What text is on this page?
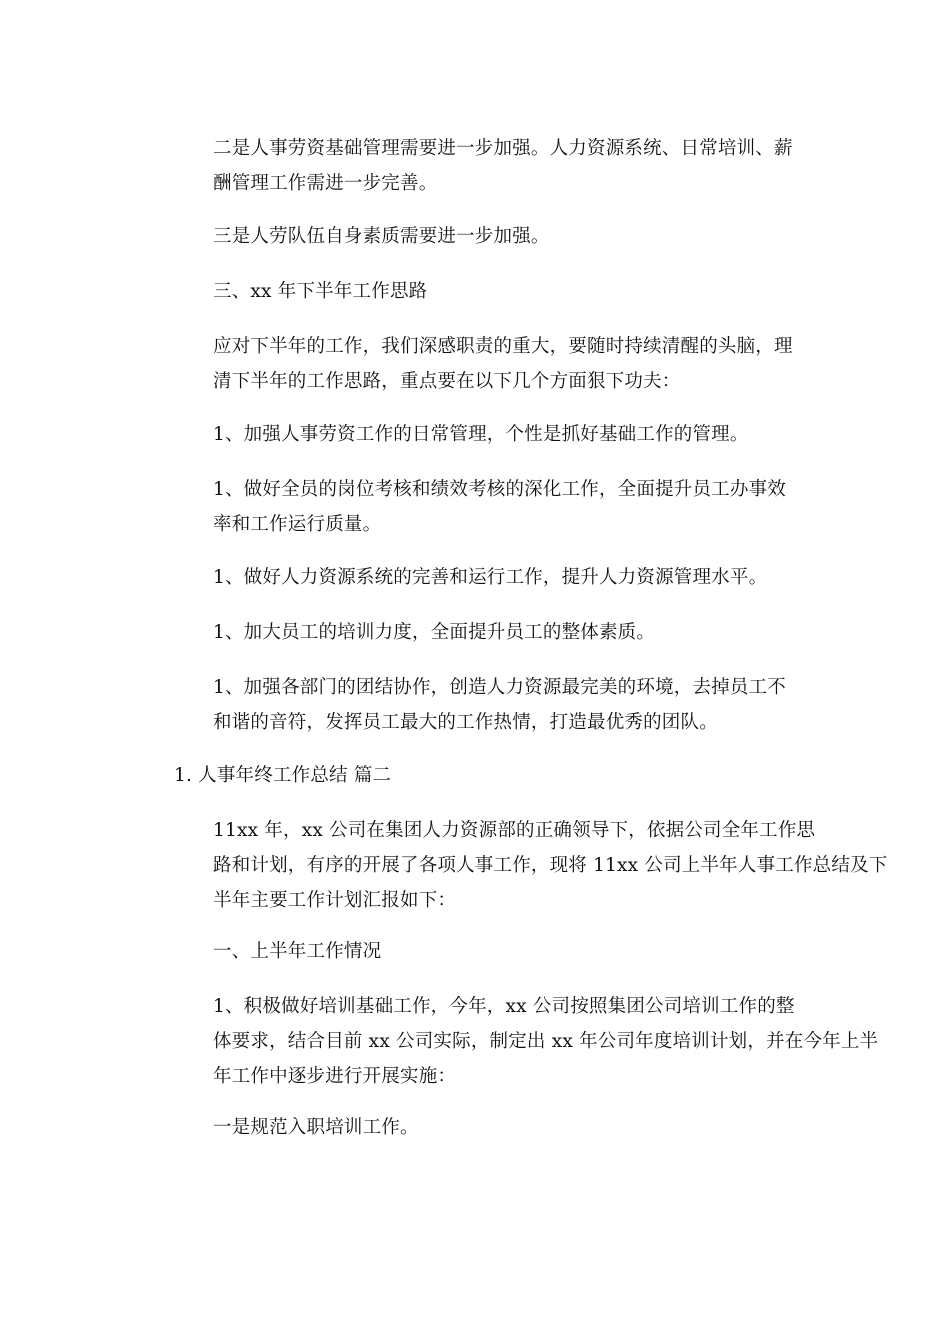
二是人事劳资基础管理需要进一步加强。人力资源系统、日常培训、薪
酬管理工作需进一步完善。

三是人劳队伍自身素质需要进一步加强。

三、xx 年下半年工作思路

应对下半年的工作，我们深感职责的重大，要随时持续清醒的头脑，理
清下半年的工作思路，重点要在以下几个方面狠下功夫：

1、加强人事劳资工作的日常管理，个性是抓好基础工作的管理。

1、做好全员的岗位考核和绩效考核的深化工作，全面提升员工办事效
率和工作运行质量。

1、做好人力资源系统的完善和运行工作，提升人力资源管理水平。

1、加大员工的培训力度，全面提升员工的整体素质。

1、加强各部门的团结协作，创造人力资源最完美的环境，去掉员工不
和谐的音符，发挥员工最大的工作热情，打造最优秀的团队。

1. 人事年终工作总结 篇二

11xx 年，xx 公司在集团人力资源部的正确领导下，依据公司全年工作思
路和计划，有序的开展了各项人事工作，现将 11xx 公司上半年人事工作总结及下
半年主要工作计划汇报如下：

一、上半年工作情况

1、积极做好培训基础工作，今年，xx 公司按照集团公司培训工作的整
体要求，结合目前 xx 公司实际，制定出 xx 年公司年度培训计划，并在今年上半
年工作中逐步进行开展实施：

一是规范入职培训工作。
